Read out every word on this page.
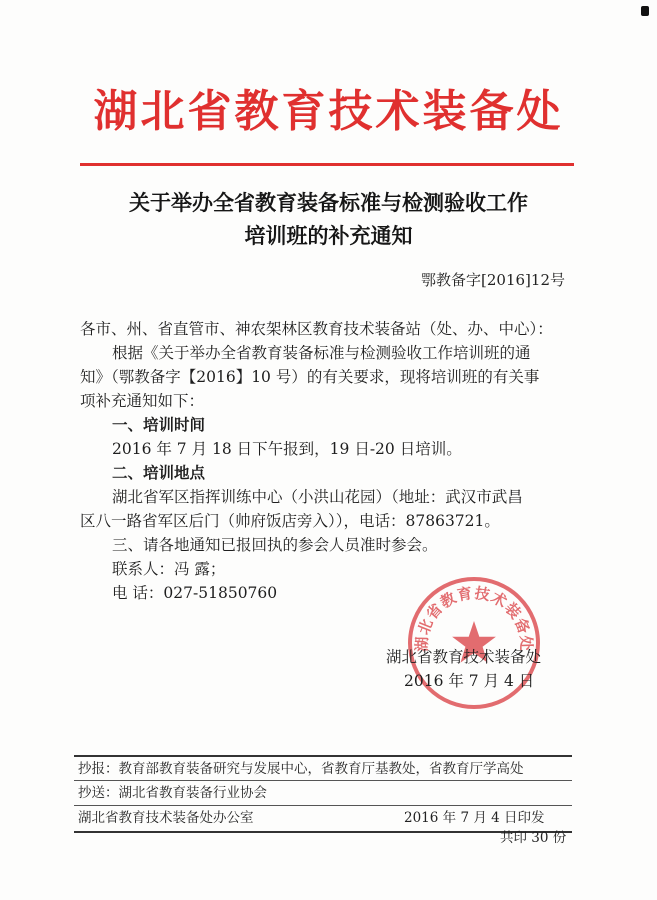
湖北省教育技术装备处
关于举办全省教育装备标准与检测验收工作
培训班的补充通知
鄂教备字[2016]12号
各市、州、省直管市、神农架林区教育技术装备站（处、办、中心）：
根据《关于举办全省教育装备标准与检测验收工作培训班的通
知》（鄂教备字【2016】10 号）的有关要求，现将培训班的有关事
项补充通知如下：
一、培训时间
2016 年 7 月 18 日下午报到，19 日-20 日培训。
二、培训地点
湖北省军区指挥训练中心（小洪山花园）（地址：武汉市武昌
区八一路省军区后门（帅府饭店旁入）），电话：87863721。
三、请各地通知已报回执的参会人员准时参会。
联系人：冯 露；
电 话：027-51850760
湖北省教育技术装备处
湖北省教育技术装备处
2016 年 7 月 4 日
抄报：教育部教育装备研究与发展中心，省教育厅基教处，省教育厅学高处
抄送：湖北省教育装备行业协会
湖北省教育技术装备处办公室	2016 年 7 月 4 日印发
共印 30 份
